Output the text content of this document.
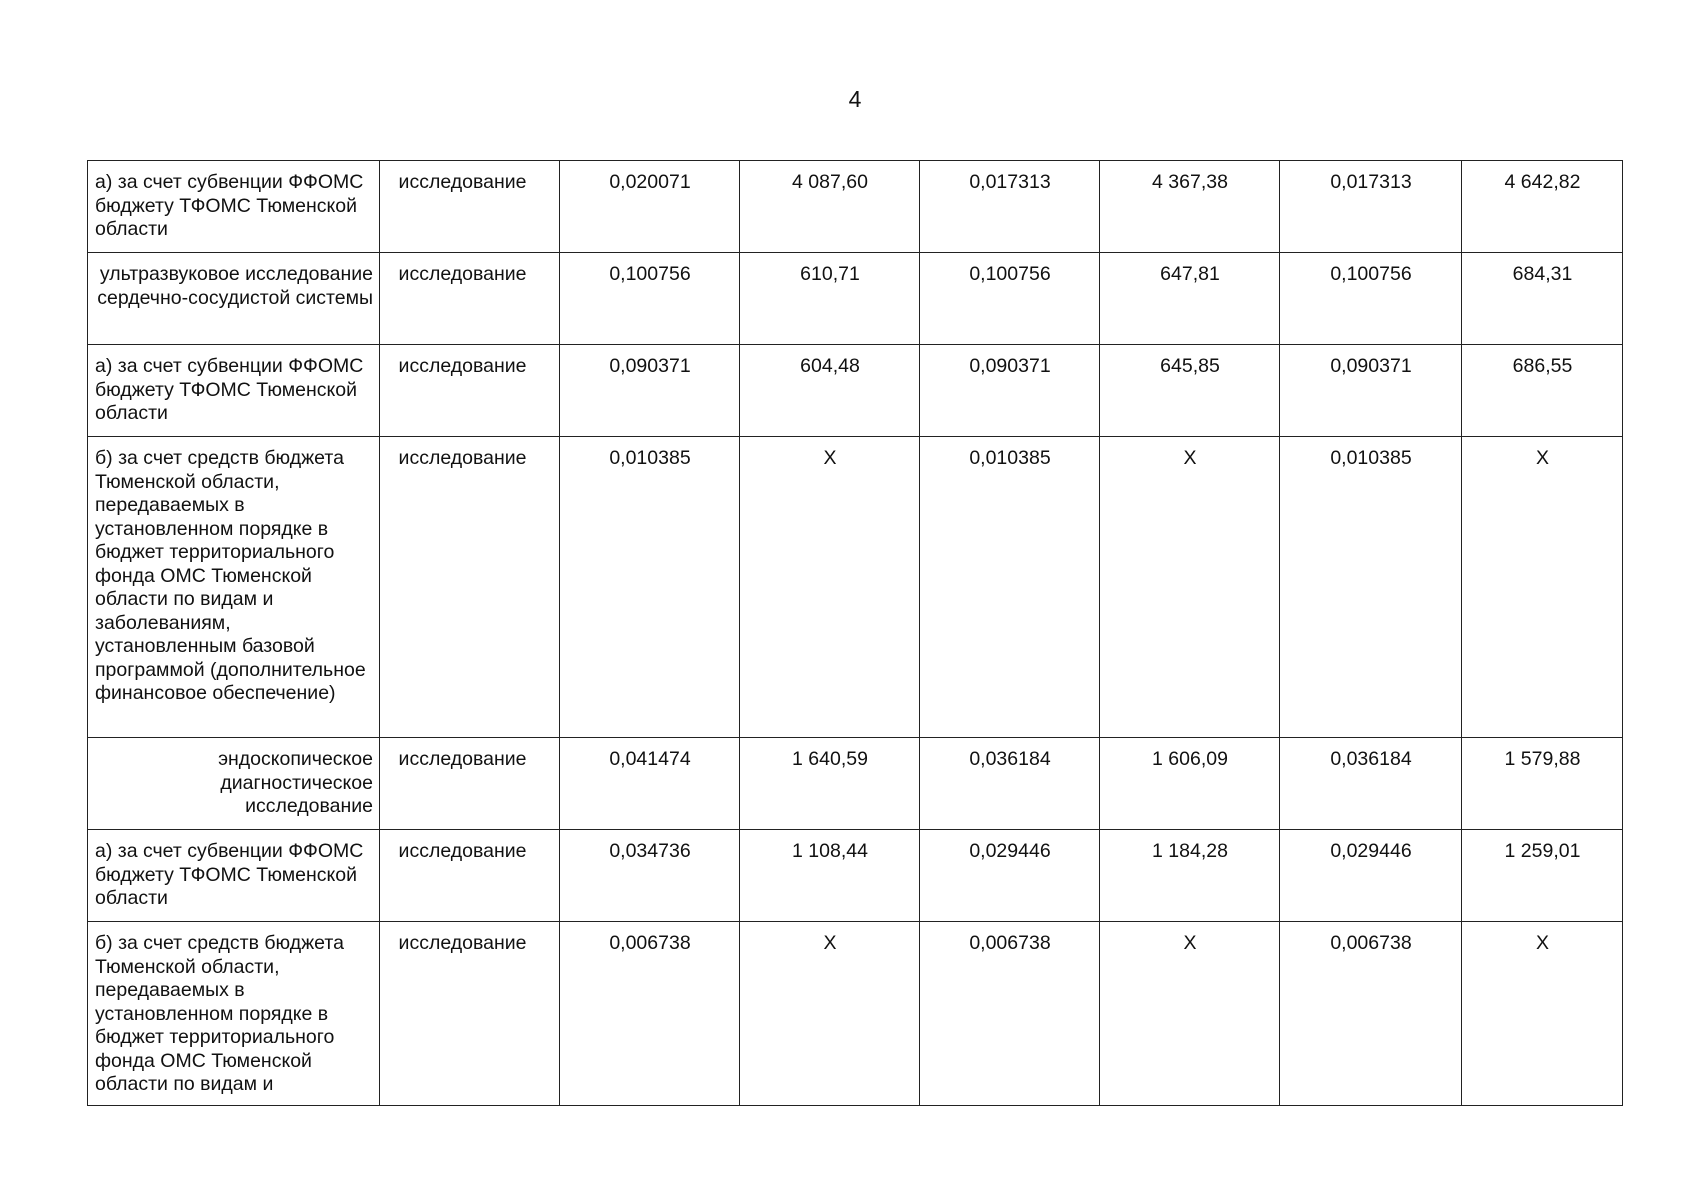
4
а) за счет субвенции ФФОМС бюджету ТФОМС Тюменской области	исследование	0,020071	4 087,60	0,017313	4 367,38	0,017313	4 642,82
ультразвуковое исследование сердечно-сосудистой системы	исследование	0,100756	610,71	0,100756	647,81	0,100756	684,31
а) за счет субвенции ФФОМС бюджету ТФОМС Тюменской области	исследование	0,090371	604,48	0,090371	645,85	0,090371	686,55
б) за счет средств бюджета Тюменской области, передаваемых в установленном порядке в бюджет территориального фонда ОМС Тюменской области по видам и заболеваниям, установленным базовой программой (дополнительное финансовое обеспечение)	исследование	0,010385	Х	0,010385	Х	0,010385	Х
эндоскопическое диагностическое исследование	исследование	0,041474	1 640,59	0,036184	1 606,09	0,036184	1 579,88
а) за счет субвенции ФФОМС бюджету ТФОМС Тюменской области	исследование	0,034736	1 108,44	0,029446	1 184,28	0,029446	1 259,01
б) за счет средств бюджета Тюменской области, передаваемых в установленном порядке в бюджет территориального фонда ОМС Тюменской области по видам и	исследование	0,006738	Х	0,006738	Х	0,006738	Х
